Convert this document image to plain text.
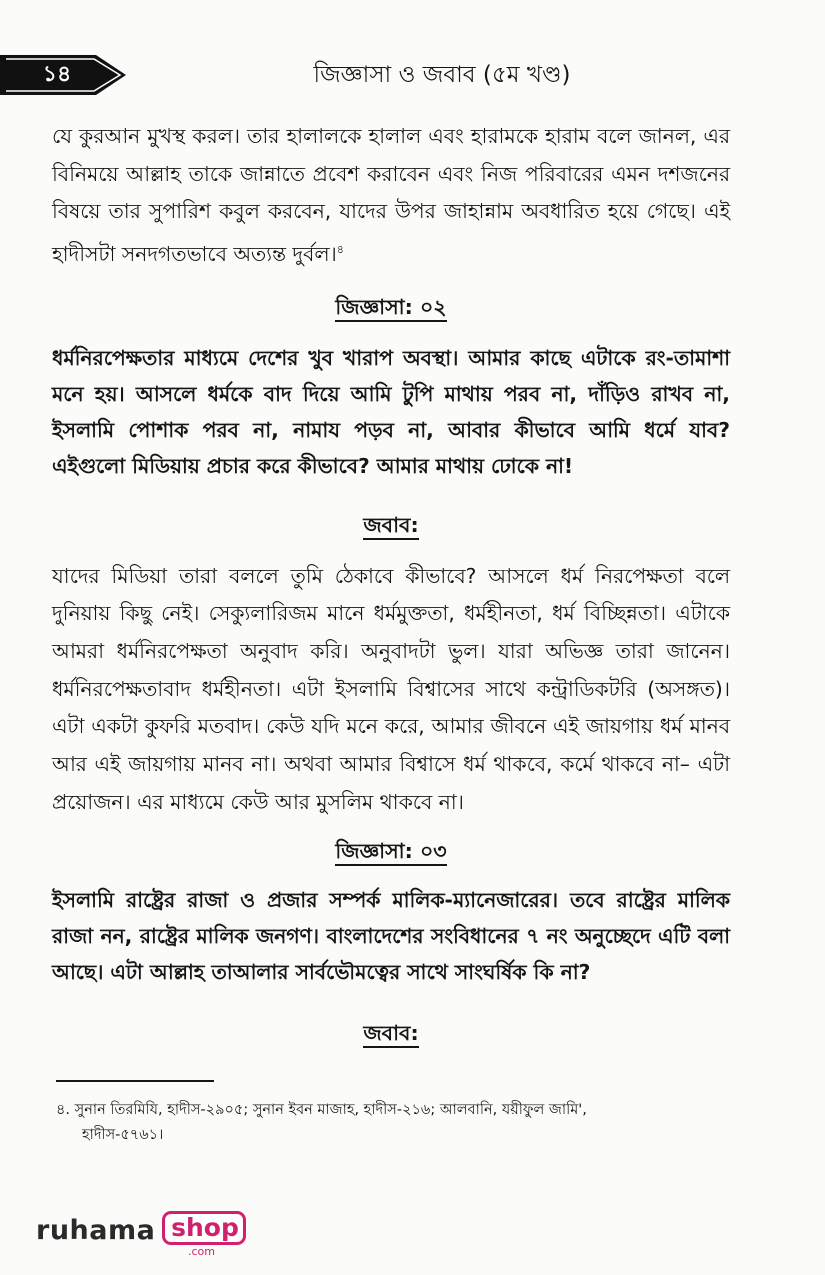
১৪	জিজ্ঞাসা ও জবাব (৫ম খণ্ড)

যে কুরআন মুখস্থ করল। তার হালালকে হালাল এবং হারামকে হারাম বলে জানল, এর বিনিময়ে আল্লাহ তাকে জান্নাতে প্রবেশ করাবেন এবং নিজ পরিবারের এমন দশজনের বিষয়ে তার সুপারিশ কবুল করবেন, যাদের উপর জাহান্নাম অবধারিত হয়ে গেছে। এই হাদীসটা সনদগতভাবে অত্যন্ত দুর্বল।$^৪$

জিজ্ঞাসা: ০২

ধর্মনিরপেক্ষতার মাধ্যমে দেশের খুব খারাপ অবস্থা। আমার কাছে এটাকে রং-তামাশা মনে হয়। আসলে ধর্মকে বাদ দিয়ে আমি টুপি মাথায় পরব না, দাঁড়িও রাখব না, ইসলামি পোশাক পরব না, নামায পড়ব না, আবার কীভাবে আমি ধর্মে যাব? এইগুলো মিডিয়ায় প্রচার করে কীভাবে? আমার মাথায় ঢোকে না!

জবাব:

যাদের মিডিয়া তারা বললে তুমি ঠেকাবে কীভাবে? আসলে ধর্ম নিরপেক্ষতা বলে দুনিয়ায় কিছু নেই। সেক্যুলারিজম মানে ধর্মমুক্ততা, ধর্মহীনতা, ধর্ম বিচ্ছিন্নতা। এটাকে আমরা ধর্মনিরপেক্ষতা অনুবাদ করি। অনুবাদটা ভুল। যারা অভিজ্ঞ তারা জানেন। ধর্মনিরপেক্ষতাবাদ ধর্মহীনতা। এটা ইসলামি বিশ্বাসের সাথে কন্ট্রাডিকটরি (অসঙ্গত)। এটা একটা কুফরি মতবাদ। কেউ যদি মনে করে, আমার জীবনে এই জায়গায় ধর্ম মানব আর এই জায়গায় মানব না। অথবা আমার বিশ্বাসে ধর্ম থাকবে, কর্মে থাকবে না– এটা প্রয়োজন। এর মাধ্যমে কেউ আর মুসলিম থাকবে না।

জিজ্ঞাসা: ০৩

ইসলামি রাষ্ট্রের রাজা ও প্রজার সম্পর্ক মালিক-ম্যানেজারের। তবে রাষ্ট্রের মালিক রাজা নন, রাষ্ট্রের মালিক জনগণ। বাংলাদেশের সংবিধানের ৭ নং অনুচ্ছেদে এটি বলা আছে। এটা আল্লাহ তাআলার সার্বভৌমত্বের সাথে সাংঘর্ষিক কি না?

জবাব:

৪. সুনান তিরমিযি, হাদীস-২৯০৫; সুনান ইবন মাজাহ, হাদীস-২১৬; আলবানি, যয়ীফুল জামি',
হাদীস-৫৭৬১।
ruhama shop
.com
